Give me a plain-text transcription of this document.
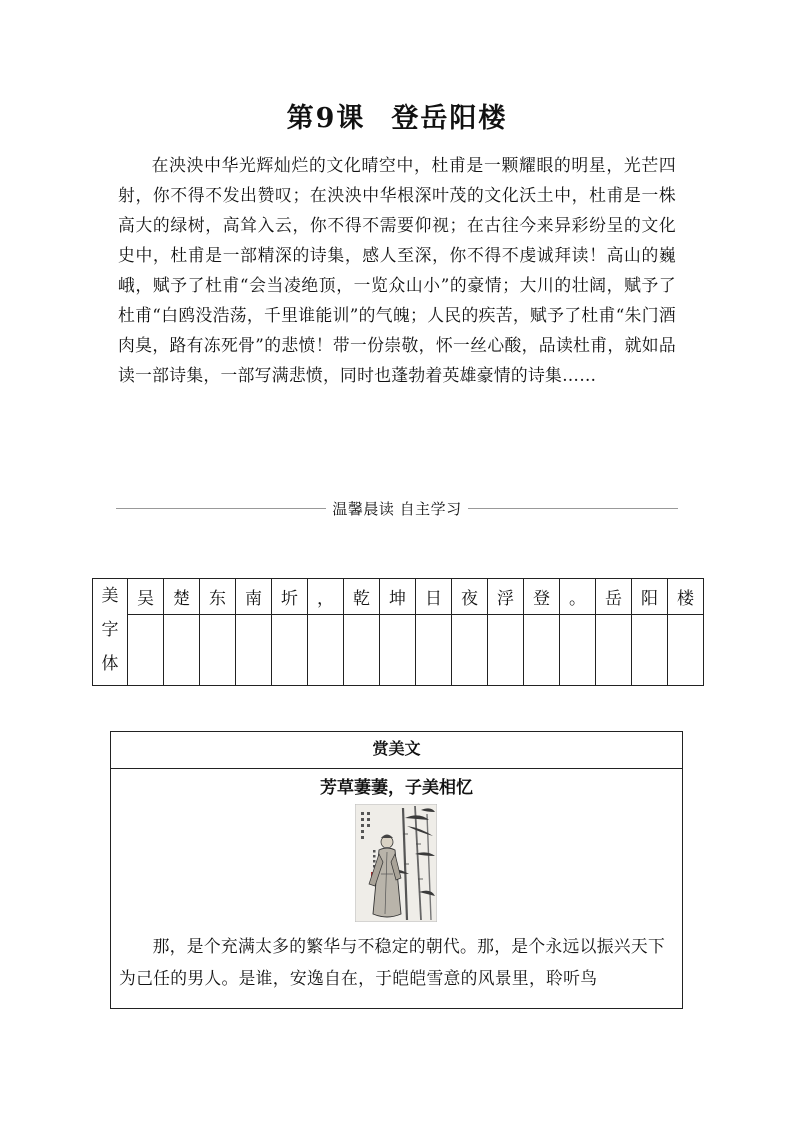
第9课 登岳阳楼

在泱泱中华光辉灿烂的文化晴空中，杜甫是一颗耀眼的明星，光芒四射，你不得不发出赞叹；在泱泱中华根深叶茂的文化沃土中，杜甫是一株高大的绿树，高耸入云，你不得不需要仰视；在古往今来异彩纷呈的文化史中，杜甫是一部精深的诗集，感人至深，你不得不虔诚拜读！高山的巍峨，赋予了杜甫“会当凌绝顶，一览众山小”的豪情；大川的壮阔，赋予了杜甫“白鸥没浩荡，千里谁能训”的气魄；人民的疾苦，赋予了杜甫“朱门酒肉臭，路有冻死骨”的悲愤！带一份崇敬，怀一丝心酸，品读杜甫，就如品读一部诗集，一部写满悲愤，同时也蓬勃着英雄豪情的诗集……

温馨晨读 自主学习
美
字
体	吴	楚	东	南	圻	，	乾	坤	日	夜	浮	登	。	岳	阳	楼

赏美文
芳草萋萋，子美相忆
那，是个充满太多的繁华与不稳定的朝代。那，是个永远以振兴天下为己任的男人。是谁，安逸自在，于皑皑雪意的风景里，聆听鸟
